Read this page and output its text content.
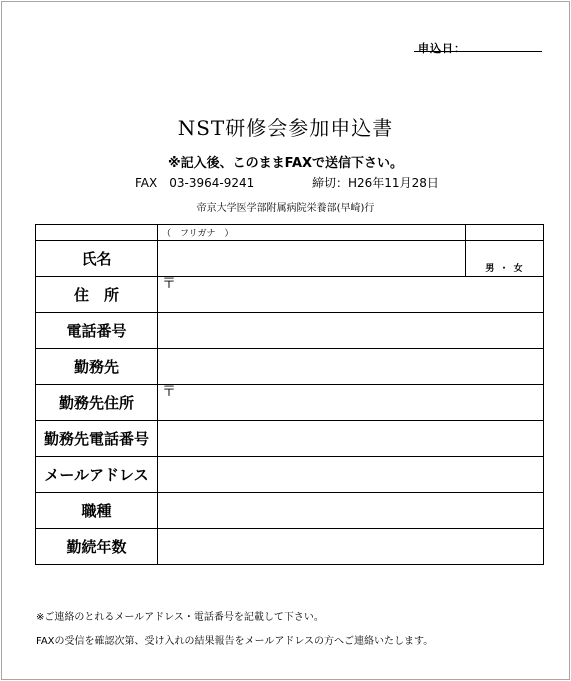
申込日：
NST研修会参加申込書
※記入後、このままFAXで送信下さい。
FAX　03-3964-9241	締切：H26年11月28日
帝京大学医学部附属病院栄養部(早崎)行
	（　フリガナ　）	
氏名		男 ・ 女
住　所	〒	
電話番号		
勤務先		
勤務先住所	〒	
勤務先電話番号		
メールアドレス		
職種		
勤続年数		
※ご連絡のとれるメールアドレス・電話番号を記載して下さい。
FAXの受信を確認次第、受け入れの結果報告をメールアドレスの方へご連絡いたします。
